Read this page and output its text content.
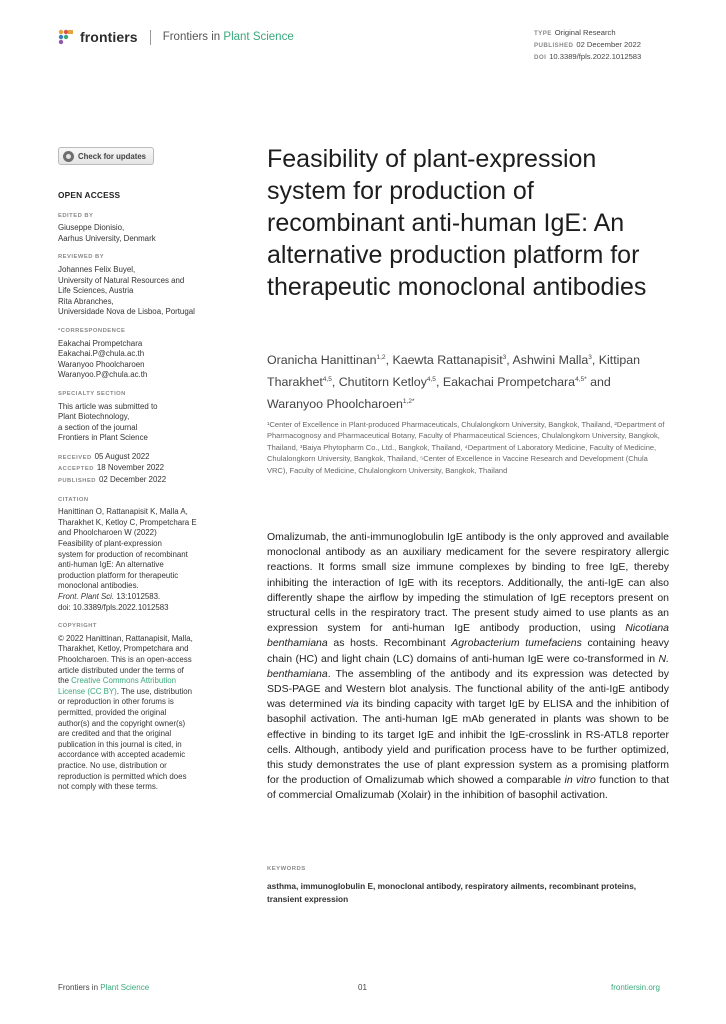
frontiers Frontiers in Plant Science	TYPE Original Research
PUBLISHED 02 December 2022
DOI 10.3389/fpls.2022.1012583
Check for updates
OPEN ACCESS
EDITED BY
Giuseppe Dionisio,
Aarhus University, Denmark
REVIEWED BY
Johannes Felix Buyel,
University of Natural Resources and
Life Sciences, Austria
Rita Abranches,
Universidade Nova de Lisboa, Portugal
*CORRESPONDENCE
Eakachai Prompetchara
Eakachai.P@chula.ac.th
Waranyoo Phoolcharoen
Waranyoo.P@chula.ac.th
SPECIALTY SECTION
This article was submitted to
Plant Biotechnology,
a section of the journal
Frontiers in Plant Science
RECEIVED 05 August 2022
ACCEPTED 18 November 2022
PUBLISHED 02 December 2022
CITATION
Hanittinan O, Rattanapisit K, Malla A,
Tharakhet K, Ketloy C, Prompetchara E
and Phoolcharoen W (2022)
Feasibility of plant-expression
system for production of recombinant
anti-human IgE: An alternative
production platform for therapeutic
monoclonal antibodies.
Front. Plant Sci. 13:1012583.
doi: 10.3389/fpls.2022.1012583
COPYRIGHT
© 2022 Hanittinan, Rattanapisit, Malla,
Tharakhet, Ketloy, Prompetchara and
Phoolcharoen. This is an open-access
article distributed under the terms of
the Creative Commons Attribution
License (CC BY). The use, distribution
or reproduction in other forums is
permitted, provided the original
author(s) and the copyright owner(s)
are credited and that the original
publication in this journal is cited, in
accordance with accepted academic
practice. No use, distribution or
reproduction is permitted which does
not comply with these terms.
Feasibility of plant-expression system for production of recombinant anti-human IgE: An alternative production platform for therapeutic monoclonal antibodies
Oranicha Hanittinan$^{1,2}$, Kaewta Rattanapisit$^3$, Ashwini Malla$^3$, Kittipan Tharakhet$^{4,5}$, Chutitorn Ketloy$^{4,5}$, Eakachai Prompetchara$^{4,5*}$ and Waranyoo Phoolcharoen$^{1,2*}$
¹Center of Excellence in Plant-produced Pharmaceuticals, Chulalongkorn University, Bangkok, Thailand, ²Department of Pharmacognosy and Pharmaceutical Botany, Faculty of Pharmaceutical Sciences, Chulalongkorn University, Bangkok, Thailand, ³Baiya Phytopharm Co., Ltd., Bangkok, Thailand, ⁴Department of Laboratory Medicine, Faculty of Medicine, Chulalongkorn University, Bangkok, Thailand, ⁵Center of Excellence in Vaccine Research and Development (Chula VRC), Faculty of Medicine, Chulalongkorn University, Bangkok, Thailand
Omalizumab, the anti-immunoglobulin IgE antibody is the only approved and available monoclonal antibody as an auxiliary medicament for the severe respiratory allergic reactions. It forms small size immune complexes by binding to free IgE, thereby inhibiting the interaction of IgE with its receptors. Additionally, the anti-IgE can also differently shape the airflow by impeding the stimulation of IgE receptors present on structural cells in the respiratory tract. The present study aimed to use plants as an expression system for anti-human IgE antibody production, using Nicotiana benthamiana as hosts. Recombinant Agrobacterium tumefaciens containing heavy chain (HC) and light chain (LC) domains of anti-human IgE were co-transformed in N. benthamiana. The assembling of the antibody and its expression was detected by SDS-PAGE and Western blot analysis. The functional ability of the anti-IgE antibody was determined via its binding capacity with target IgE by ELISA and the inhibition of basophil activation. The anti-human IgE mAb generated in plants was shown to be effective in binding to its target IgE and inhibit the IgE-crosslink in RS-ATL8 reporter cells. Although, antibody yield and purification process have to be further optimized, this study demonstrates the use of plant expression system as a promising platform for the production of Omalizumab which showed a comparable in vitro function to that of commercial Omalizumab (Xolair) in the inhibition of basophil activation.
KEYWORDS
asthma, immunoglobulin E, monoclonal antibody, respiratory ailments, recombinant proteins, transient expression
Frontiers in Plant Science	01	frontiersin.org
